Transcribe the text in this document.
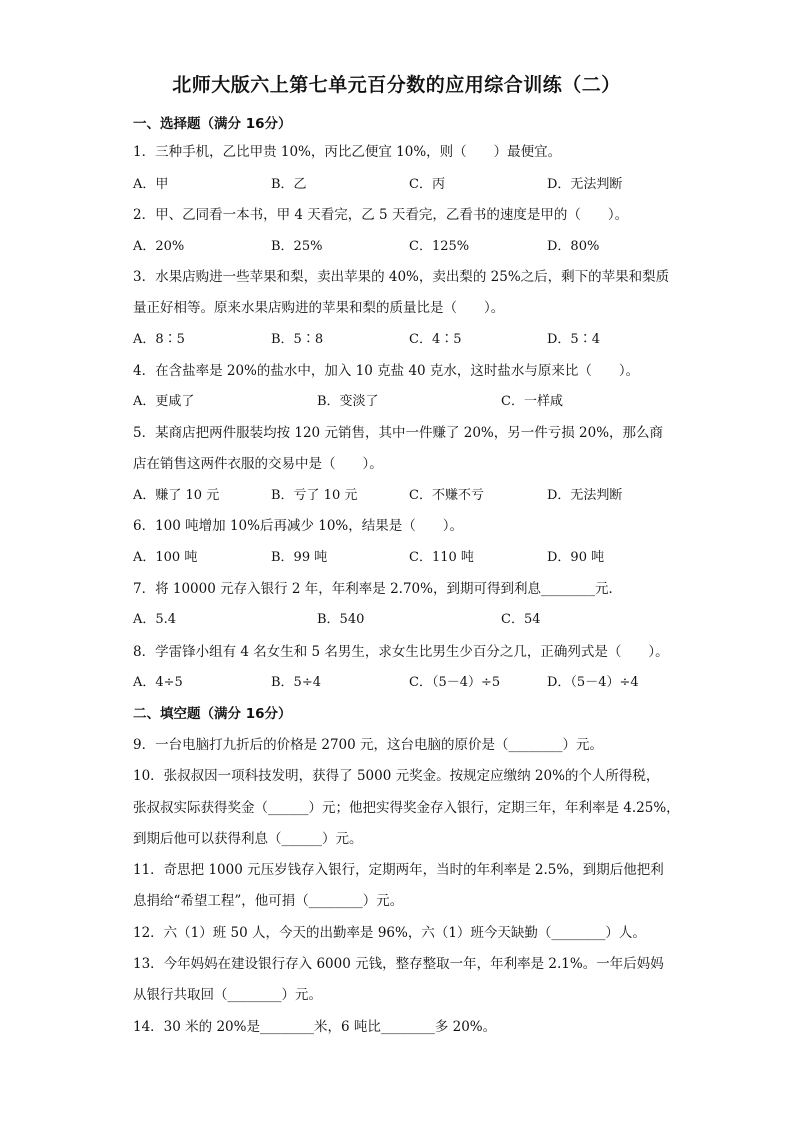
北师大版六上第七单元百分数的应用综合训练（二）
一、选择题（满分 16分）
1．三种手机，乙比甲贵 10%，丙比乙便宜 10%，则（　　）最便宜。
A．甲	B．乙	C．丙	D．无法判断
2．甲、乙同看一本书，甲 4 天看完，乙 5 天看完，乙看书的速度是甲的（　　）。
A．20%	B．25%	C．125%	D．80%
3．水果店购进一些苹果和梨，卖出苹果的 40%，卖出梨的 25%之后，剩下的苹果和梨质
量正好相等。原来水果店购进的苹果和梨的质量比是（　　）。
A．8∶5	B．5∶8	C．4∶5	D．5∶4
4．在含盐率是 20%的盐水中，加入 10 克盐 40 克水，这时盐水与原来比（　　）。
A．更咸了	B．变淡了	C．一样咸
5．某商店把两件服装均按 120 元销售，其中一件赚了 20%，另一件亏损 20%，那么商
店在销售这两件衣服的交易中是（　　）。
A．赚了 10 元	B．亏了 10 元	C．不赚不亏	D．无法判断
6．100 吨增加 10%后再减少 10%，结果是（　　）。
A．100 吨	B．99 吨	C．110 吨	D．90 吨
7．将 10000 元存入银行 2 年，年利率是 2.70%，到期可得到利息________元．
A．5.4	B．540	C．54
8．学雷锋小组有 4 名女生和 5 名男生，求女生比男生少百分之几，正确列式是（　　）。
A．4÷5	B．5÷4	C．（5－4）÷5	D．（5－4）÷4
二、填空题（满分 16分）
9．一台电脑打九折后的价格是 2700 元，这台电脑的原价是（________）元。
10．张叔叔因一项科技发明，获得了 5000 元奖金。按规定应缴纳 20%的个人所得税，
张叔叔实际获得奖金（______）元；他把实得奖金存入银行，定期三年，年利率是 4.25%，
到期后他可以获得利息（______）元。
11．奇思把 1000 元压岁钱存入银行，定期两年，当时的年利率是 2.5%，到期后他把利
息捐给“希望工程”，他可捐（________）元。
12．六（1）班 50 人，今天的出勤率是 96%，六（1）班今天缺勤（________）人。
13．今年妈妈在建设银行存入 6000 元钱，整存整取一年，年利率是 2.1%。一年后妈妈
从银行共取回（________）元。
14．30 米的 20%是________米，6 吨比________多 20%。
